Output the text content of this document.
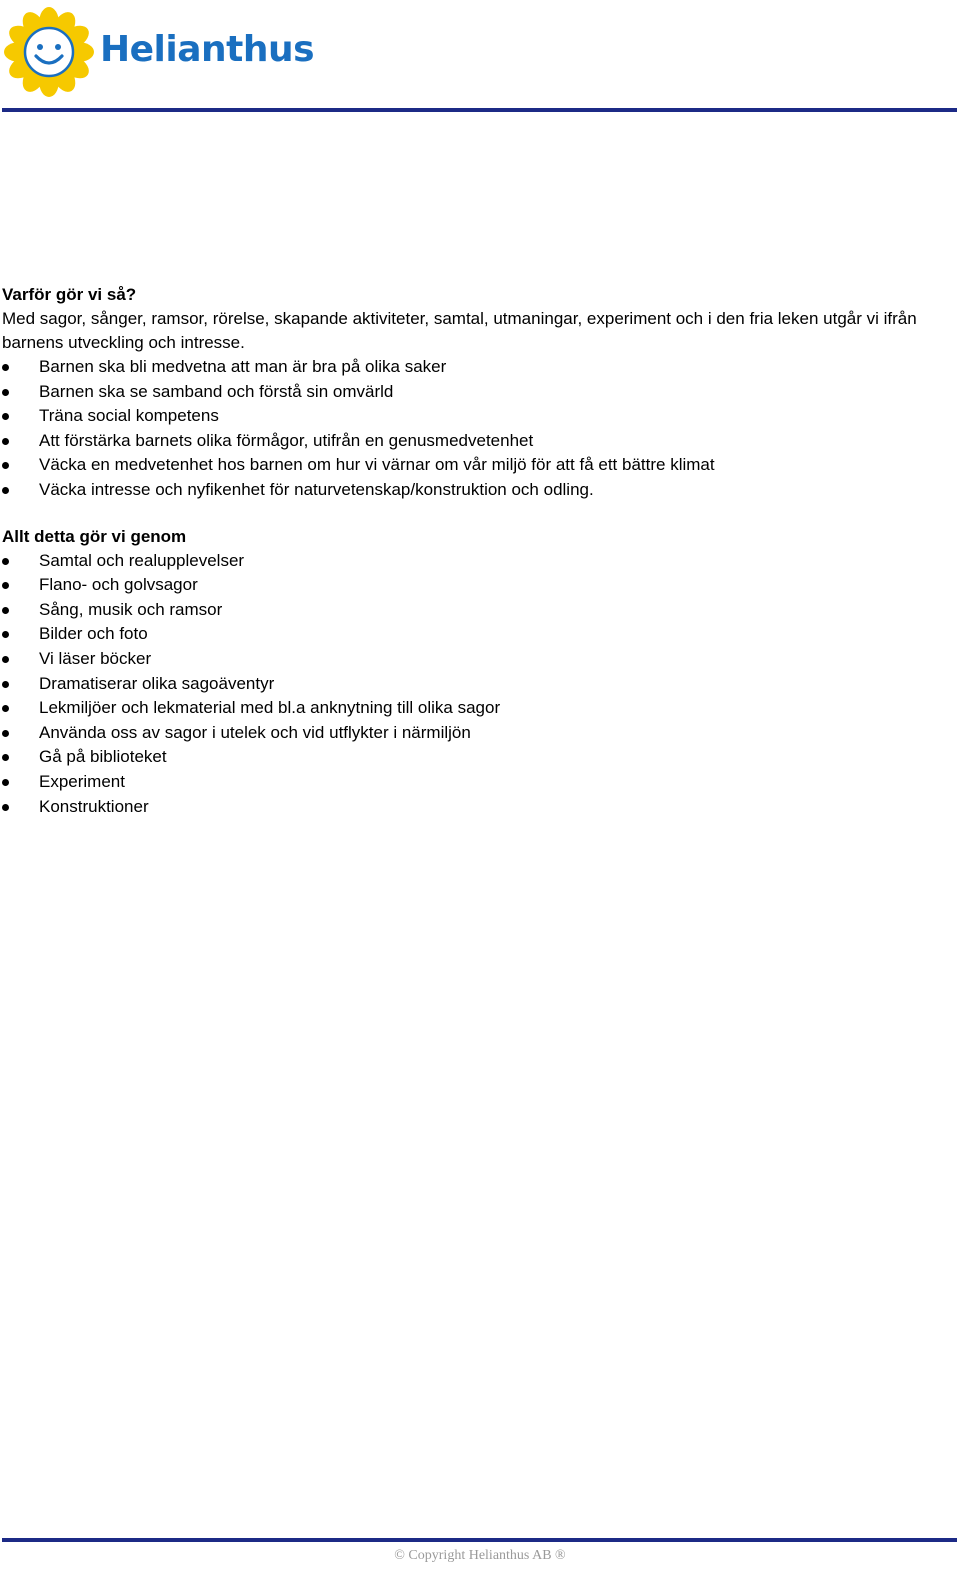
Helianthus

Varför gör vi så?

Med sagor, sånger, ramsor, rörelse, skapande aktiviteter, samtal, utmaningar, experiment och i den fria leken utgår vi ifrån barnens utveckling och intresse.

Barnen ska bli medvetna att man är bra på olika saker
Barnen ska se samband och förstå sin omvärld
Träna social kompetens
Att förstärka barnets olika förmågor, utifrån en genusmedvetenhet
Väcka en medvetenhet hos barnen om hur vi värnar om vår miljö för att få ett bättre klimat
Väcka intresse och nyfikenhet för naturvetenskap/konstruktion och odling.

Allt detta gör vi genom

Samtal och realupplevelser
Flano- och golvsagor
Sång, musik och ramsor
Bilder och foto
Vi läser böcker
Dramatiserar olika sagoäventyr
Lekmiljöer och lekmaterial med bl.a anknytning till olika sagor
Använda oss av sagor i utelek och vid utflykter i närmiljön
Gå på biblioteket
Experiment
Konstruktioner
© Copyright Helianthus AB ®
